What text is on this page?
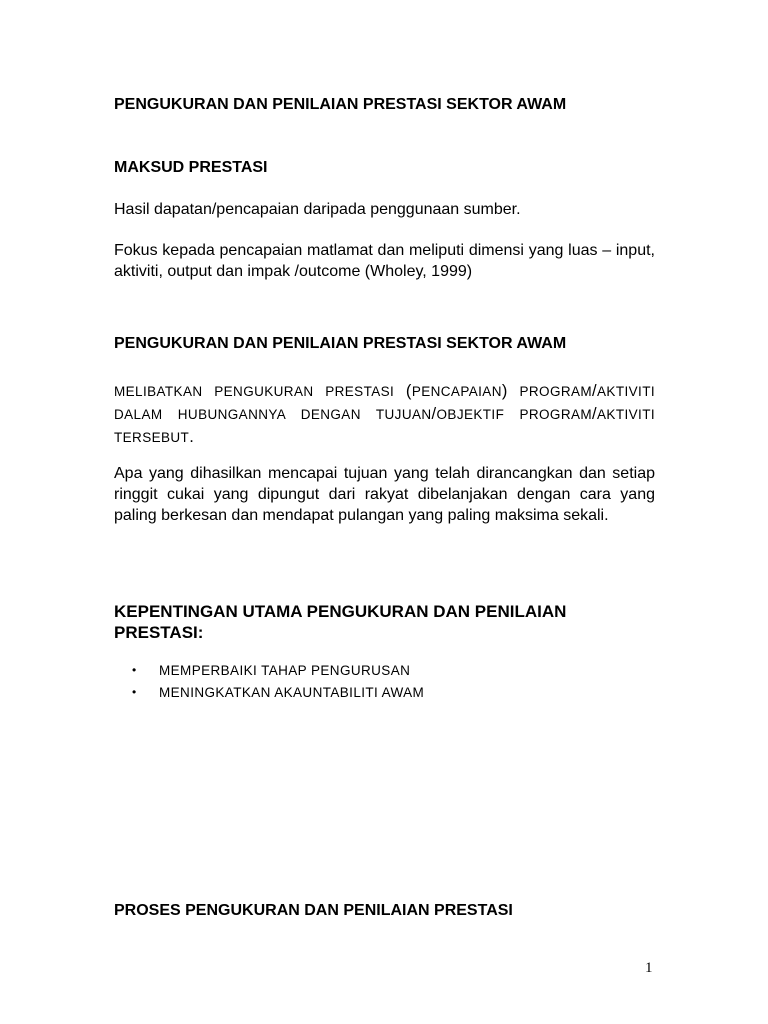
PENGUKURAN DAN PENILAIAN PRESTASI SEKTOR AWAM
MAKSUD PRESTASI

Hasil dapatan/pencapaian daripada penggunaan sumber.

Fokus kepada pencapaian matlamat dan meliputi dimensi yang luas – input, aktiviti, output dan impak /outcome (Wholey, 1999)

PENGUKURAN DAN PENILAIAN PRESTASI SEKTOR AWAM

MELIBATKAN PENGUKURAN PRESTASI (PENCAPAIAN) PROGRAM/AKTIVITI DALAM HUBUNGANNYA DENGAN TUJUAN/OBJEKTIF PROGRAM/AKTIVITI TERSEBUT.

Apa yang dihasilkan mencapai tujuan yang telah dirancangkan dan setiap ringgit cukai yang dipungut dari rakyat dibelanjakan dengan cara yang paling berkesan dan mendapat pulangan yang paling maksima sekali.

KEPENTINGAN UTAMA PENGUKURAN DAN PENILAIAN PRESTASI:
• MEMPERBAIKI TAHAP PENGURUSAN
• MENINGKATKAN AKAUNTABILITI AWAM
PROSES PENGUKURAN DAN PENILAIAN PRESTASI
1
